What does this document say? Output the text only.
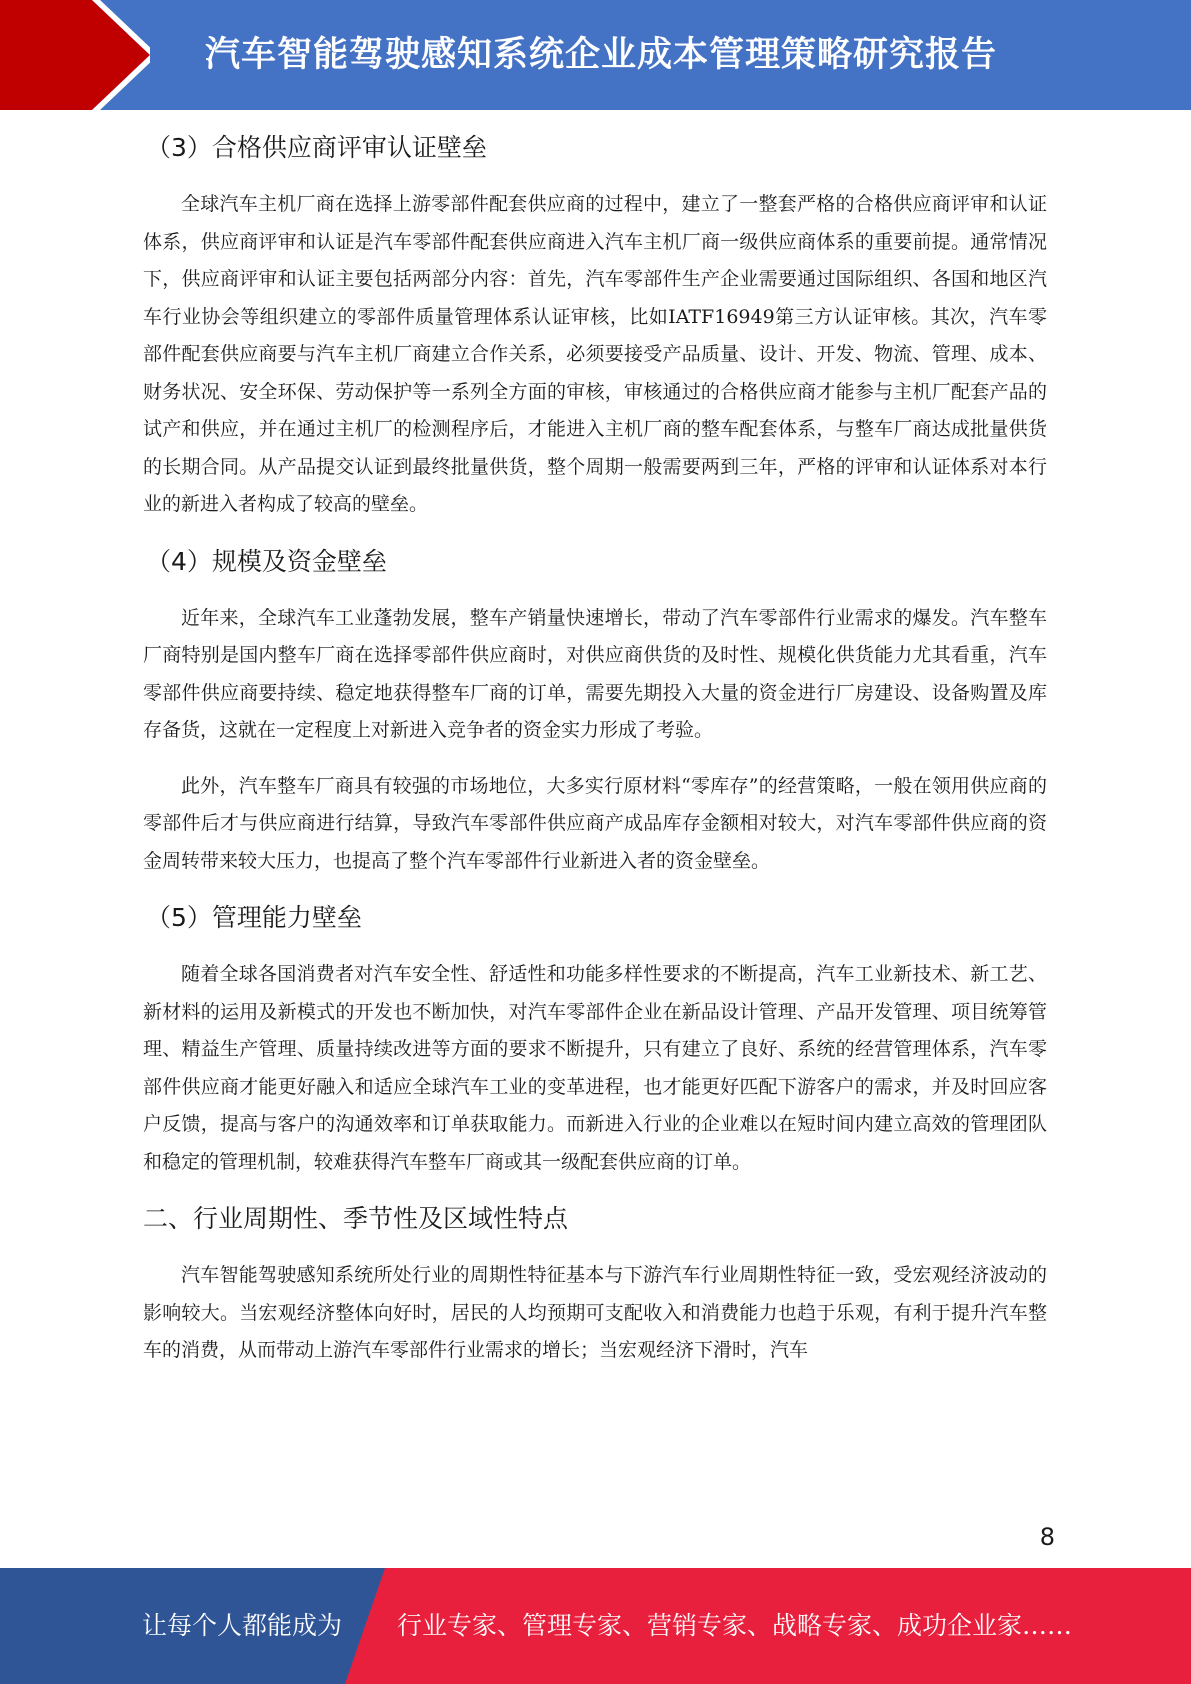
汽车智能驾驶感知系统企业成本管理策略研究报告
（3）合格供应商评审认证壁垒

全球汽车主机厂商在选择上游零部件配套供应商的过程中，建立了一整套严格的合格供应商评审和认证体系，供应商评审和认证是汽车零部件配套供应商进入汽车主机厂商一级供应商体系的重要前提。通常情况下，供应商评审和认证主要包括两部分内容：首先，汽车零部件生产企业需要通过国际组织、各国和地区汽车行业协会等组织建立的零部件质量管理体系认证审核，比如IATF16949第三方认证审核。其次，汽车零部件配套供应商要与汽车主机厂商建立合作关系，必须要接受产品质量、设计、开发、物流、管理、成本、财务状况、安全环保、劳动保护等一系列全方面的审核，审核通过的合格供应商才能参与主机厂配套产品的试产和供应，并在通过主机厂的检测程序后，才能进入主机厂商的整车配套体系，与整车厂商达成批量供货的长期合同。从产品提交认证到最终批量供货，整个周期一般需要两到三年，严格的评审和认证体系对本行业的新进入者构成了较高的壁垒。

（4）规模及资金壁垒

近年来，全球汽车工业蓬勃发展，整车产销量快速增长，带动了汽车零部件行业需求的爆发。汽车整车厂商特别是国内整车厂商在选择零部件供应商时，对供应商供货的及时性、规模化供货能力尤其看重，汽车零部件供应商要持续、稳定地获得整车厂商的订单，需要先期投入大量的资金进行厂房建设、设备购置及库存备货，这就在一定程度上对新进入竞争者的资金实力形成了考验。

此外，汽车整车厂商具有较强的市场地位，大多实行原材料“零库存”的经营策略，一般在领用供应商的零部件后才与供应商进行结算，导致汽车零部件供应商产成品库存金额相对较大，对汽车零部件供应商的资金周转带来较大压力，也提高了整个汽车零部件行业新进入者的资金壁垒。

（5）管理能力壁垒

随着全球各国消费者对汽车安全性、舒适性和功能多样性要求的不断提高，汽车工业新技术、新工艺、新材料的运用及新模式的开发也不断加快，对汽车零部件企业在新品设计管理、产品开发管理、项目统筹管理、精益生产管理、质量持续改进等方面的要求不断提升，只有建立了良好、系统的经营管理体系，汽车零部件供应商才能更好融入和适应全球汽车工业的变革进程，也才能更好匹配下游客户的需求，并及时回应客户反馈，提高与客户的沟通效率和订单获取能力。而新进入行业的企业难以在短时间内建立高效的管理团队和稳定的管理机制，较难获得汽车整车厂商或其一级配套供应商的订单。

二、行业周期性、季节性及区域性特点

汽车智能驾驶感知系统所处行业的周期性特征基本与下游汽车行业周期性特征一致，受宏观经济波动的影响较大。当宏观经济整体向好时，居民的人均预期可支配收入和消费能力也趋于乐观，有利于提升汽车整车的消费，从而带动上游汽车零部件行业需求的增长；当宏观经济下滑时，汽车

8
让每个人都能成为 行业专家、管理专家、营销专家、战略专家、成功企业家……
